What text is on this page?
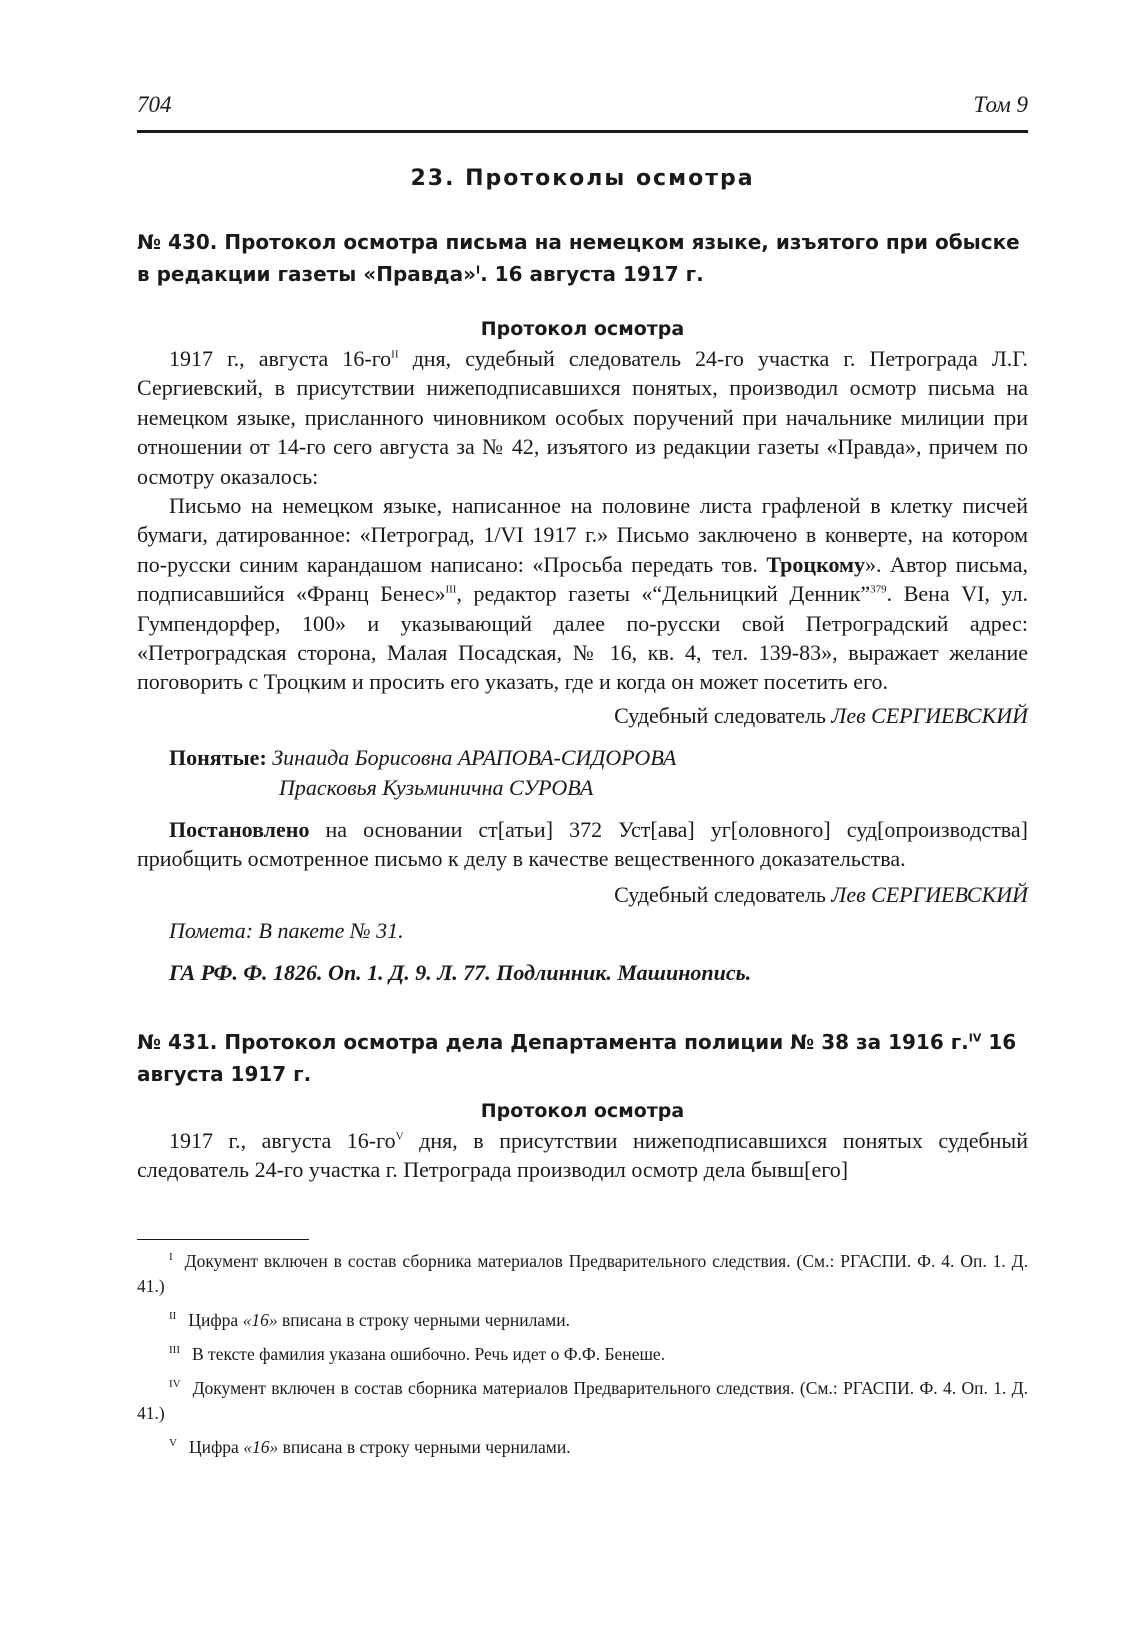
704	Том 9
23. Протоколы осмотра
№ 430. Протокол осмотра письма на немецком языке, изъятого при обыске в редакции газеты «Правда»$^I$. 16 августа 1917 г.
Протокол осмотра

1917 г., августа $16-го^{II}$ дня, судебный следователь 24-го участка г. Петрограда Л.Г. Сергиевский, в присутствии нижеподписавшихся понятых, производил осмотр письма на немецком языке, присланного чиновником особых поручений при начальнике милиции при отношении от 14-го сего августа за № 42, изъятого из редакции газеты «Правда», причем по осмотру оказалось:

Письмо на немецком языке, написанное на половине листа графленой в клетку писчей бумаги, датированное: «Петроград, 1/VI 1917 г.» Письмо заключено в конверте, на котором по-русски синим карандашом написано: «Просьба передать тов. Троцкому». Автор письма, подписавшийся «Франц Бенес»$^{III}$, редактор газеты «“Дельницкий Денник”$^{379}$. Вена VI, ул. Гумпендорфер, 100» и указывающий далее по-русски свой Петроградский адрес: «Петроградская сторона, Малая Посадская, № 16, кв. 4, тел. 139-83», выражает желание поговорить с Троцким и просить его указать, где и когда он может посетить его.

Судебный следователь Лев СЕРГИЕВСКИЙ
Понятые: Зинаида Борисовна АРАПОВА-СИДОРОВА
Прасковья Кузьминична СУРОВА

Постановлено на основании ст[атьи] 372 Уст[ава] уг[оловного] суд[опроизводства] приобщить осмотренное письмо к делу в качестве вещественного доказательства.

Судебный следователь Лев СЕРГИЕВСКИЙ
Помета: В пакете № 31.
ГА РФ. Ф. 1826. Оп. 1. Д. 9. Л. 77. Подлинник. Машинопись.
№ 431. Протокол осмотра дела Департамента полиции № 38 за 1916 г.$^{IV}$ 16 августа 1917 г.
Протокол осмотра

1917 г., августа $16-го^V$ дня, в присутствии нижеподписавшихся понятых судебный следователь 24-го участка г. Петрограда производил осмотр дела бывш[его]

$^I$ Документ включен в состав сборника материалов Предварительного следствия. (См.: РГАСПИ. Ф. 4. Оп. 1. Д. 41.)

$^{II}$ Цифра «16» вписана в строку черными чернилами.

$^{III}$ В тексте фамилия указана ошибочно. Речь идет о Ф.Ф. Бенеше.

$^{IV}$ Документ включен в состав сборника материалов Предварительного следствия. (См.: РГАСПИ. Ф. 4. Оп. 1. Д. 41.)

$^V$ Цифра «16» вписана в строку черными чернилами.
